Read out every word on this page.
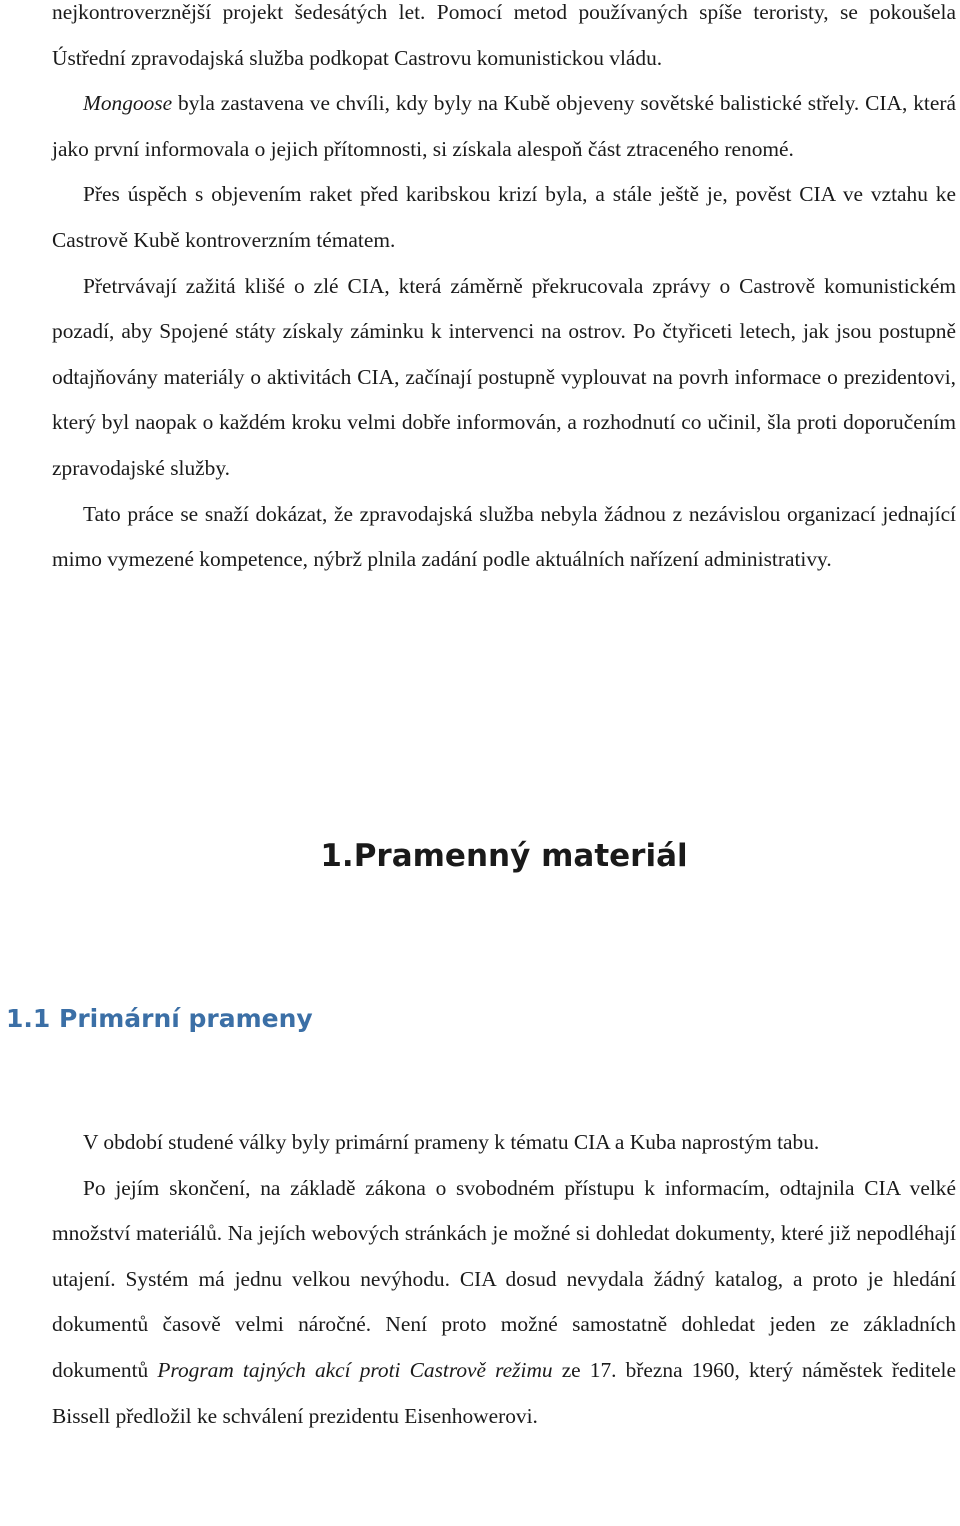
nejkontroverznější projekt šedesátých let. Pomocí metod používaných spíše teroristy, se pokoušela Ústřední zpravodajská služba podkopat Castrovu komunistickou vládu.

Mongoose byla zastavena ve chvíli, kdy byly na Kubě objeveny sovětské balistické střely. CIA, která jako první informovala o jejich přítomnosti, si získala alespoň část ztraceného renomé.

Přes úspěch s objevením raket před karibskou krizí byla, a stále ještě je, pověst CIA ve vztahu ke Castrově Kubě kontroverzním tématem.

Přetrvávají zažitá klišé o zlé CIA, která záměrně překrucovala zprávy o Castrově komunistickém pozadí, aby Spojené státy získaly záminku k intervenci na ostrov. Po čtyřiceti letech, jak jsou postupně odtajňovány materiály o aktivitách CIA, začínají postupně vyplouvat na povrh informace o prezidentovi, který byl naopak o každém kroku velmi dobře informován, a rozhodnutí co učinil, šla proti doporučením zpravodajské služby.

Tato práce se snaží dokázat, že zpravodajská služba nebyla žádnou z nezávislou organizací jednající mimo vymezené kompetence, nýbrž plnila zadání podle aktuálních nařízení administrativy.

1.Pramenný materiál
1.1 Primární prameny

V období studené války byly primární prameny k tématu CIA a Kuba naprostým tabu.

Po jejím skončení, na základě zákona o svobodném přístupu k informacím, odtajnila CIA velké množství materiálů. Na jejích webových stránkách je možné si dohledat dokumenty, které již nepodléhají utajení. Systém má jednu velkou nevýhodu. CIA dosud nevydala žádný katalog, a proto je hledání dokumentů časově velmi náročné. Není proto možné samostatně dohledat jeden ze základních dokumentů Program tajných akcí proti Castrově režimu ze 17. března 1960, který náměstek ředitele Bissell předložil ke schválení prezidentu Eisenhowerovi.
